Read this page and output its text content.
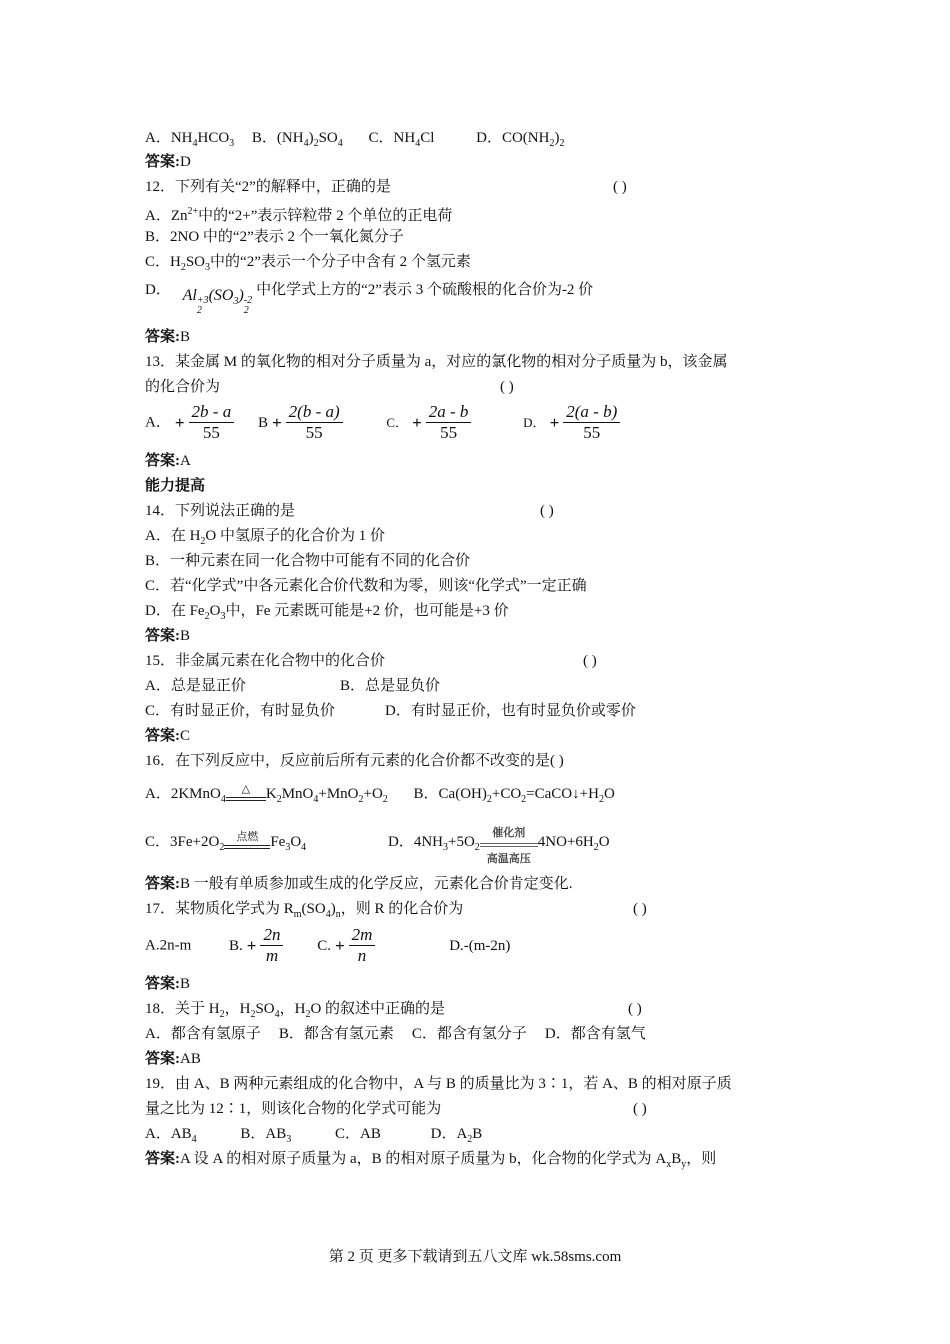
A．$NH_4HCO_3$ B．$(NH_4)_2SO_4$ C．$NH_4Cl$	D．$CO(NH_2)_2$
答案:D
12．下列有关“2”的解释中，正确的是	( )
A．$Zn^{2+}$中的“2+”表示锌粒带 2 个单位的正电荷
B．2NO 中的“2”表示 2 个一氧化氮分子
C．$H_2SO_3$中的“2”表示一个分子中含有 2 个氢元素
D． Al +3
2
$(SO_3)$ -2
2
中化学式上方的“2”表示 3 个硫酸根的化合价为-2 价
答案:B
13．某金属 M 的氧化物的相对分子质量为 a，对应的氯化物的相对分子质量为 b，该金属
的化合价为	( )
A． + $\frac{2b - a}{55}$ $B + \frac{2(b - a)}{55}$	C． + $\frac{2a - b}{55}$	D． + $\frac{2(a - b)}{55}$
答案:A
能力提高
14．下列说法正确的是	( )
A．在 $H_2O$ 中氢原子的化合价为 1 价
B．一种元素在同一化合物中可能有不同的化合价
C．若“化学式”中各元素化合价代数和为零，则该“化学式”一定正确
D．在 $Fe_2O_3$中，Fe 元素既可能是+2 价，也可能是+3 价
答案:B
15．非金属元素在化合物中的化合价	( )
A．总是显正价	B．总是显负价
C．有时显正价，有时显负价	D．有时显正价，也有时显负价或零价
答案:C
16．在下列反应中，反应前后所有元素的化合价都不改变的是( )
A．2KMnO$_4$
△	$K_2MnO_4+MnO_2+O_2$ B．$Ca(OH)_2+CO_2=CaCO↓+H_2O$
C．$3Fe+2O_2$
点燃 $Fe_3O_4$	D．$4NH_3+5O_2$
催化剂
高温高压
$4NO+6H_2O$
答案:B 一般有单质参加或生成的化学反应，元素化合价肯定变化.
17．某物质化学式为 $R_m(SO_4)_n$，则 R 的化合价为	( )
A.2n-m	B. + $\frac{2n}{m} C$. + $\frac{2m}{n}$	D.-(m-2n)
答案:B
18．关于 $H_2$，$H_2SO_4$，$H_2O$ 的叙述中正确的是	( )
A．都含有氢原子 B．都含有氢元素 C．都含有氢分子 D．都含有氢气
答案:AB
19．由 A、B 两种元素组成的化合物中，A 与 B 的质量比为 3∶1，若 A、B 的相对原子质
量之比为 12∶1，则该化合物的化学式可能为	( )
A．$AB_4$	B．$AB_3$	C．AB	D．$A_2B$
答案:A 设 A 的相对原子质量为 a，B 的相对原子质量为 b，化合物的化学式为 $A_xB_y$，则
第 2 页 更多下载请到五八文库 wk.58sms.com
